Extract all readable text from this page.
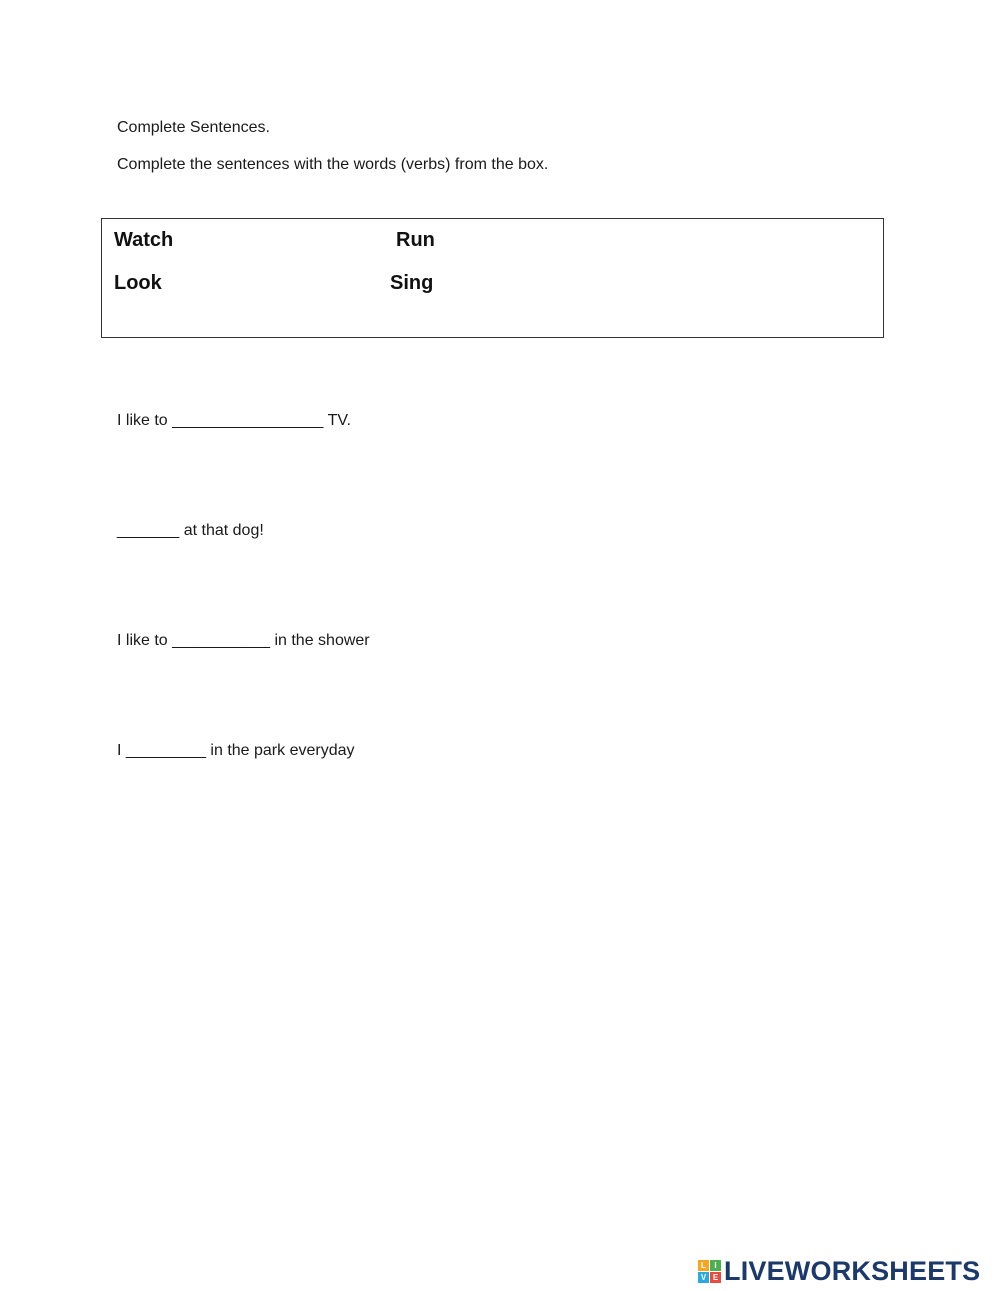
Complete Sentences.
Complete the sentences with the words (verbs) from the box.
Watch	Run
Look	Sing
I like to _________________ TV.
_______ at that dog!
I like to ___________ in the shower
I _________ in the park everyday
L	I
V E LIVEWORKSHEETS
